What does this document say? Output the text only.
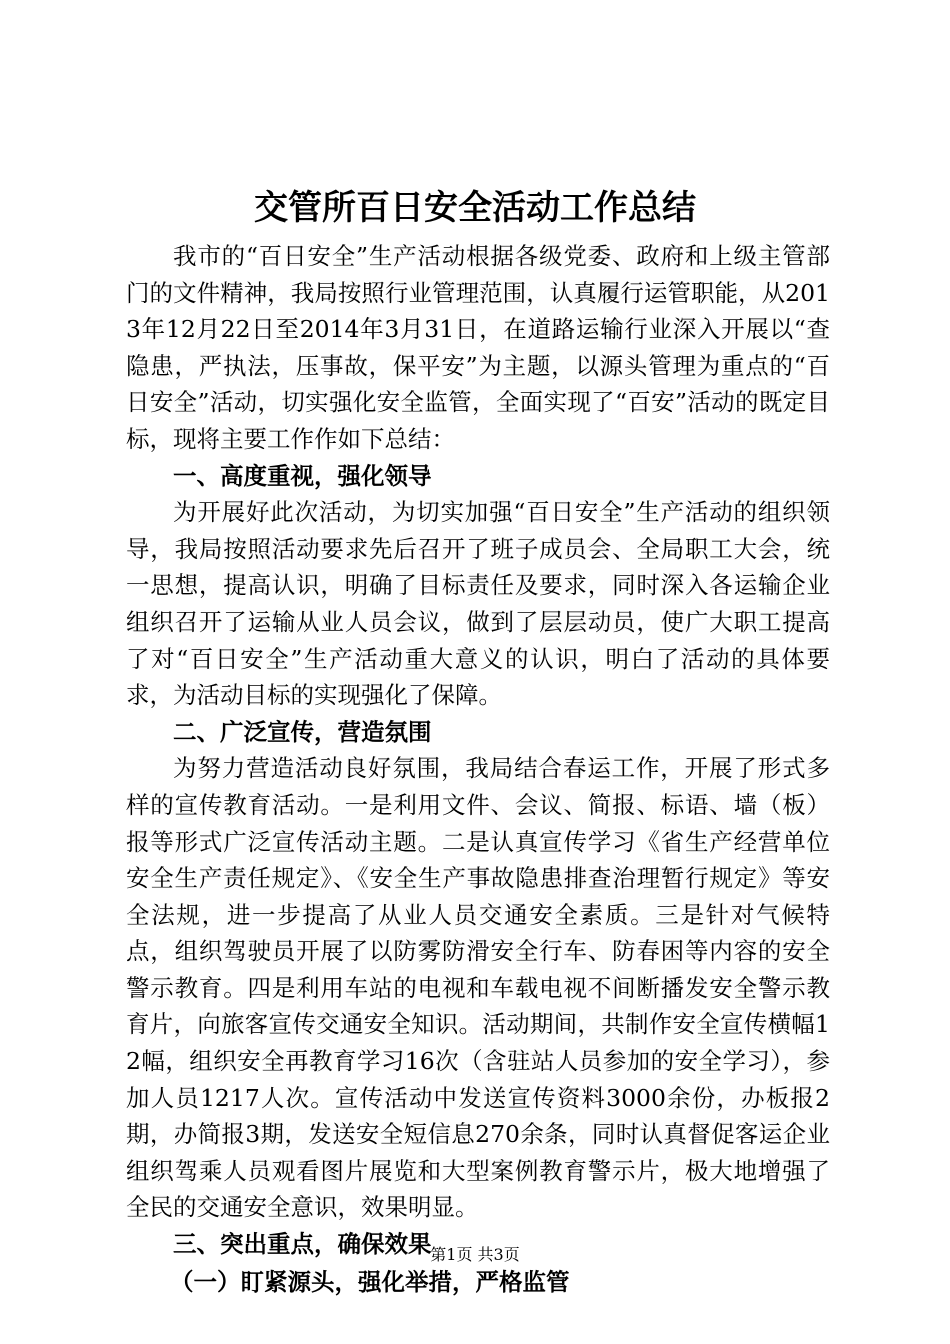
交管所百日安全活动工作总结

我市的“百日安全”生产活动根据各级党委、政府和上级主管部门的文件精神，我局按照行业管理范围，认真履行运管职能，从2013年12月22日至2014年3月31日，在道路运输行业深入开展以“查隐患，严执法，压事故，保平安”为主题，以源头管理为重点的“百日安全”活动，切实强化安全监管，全面实现了“百安”活动的既定目标，现将主要工作作如下总结：

一、高度重视，强化领导

为开展好此次活动，为切实加强“百日安全”生产活动的组织领导，我局按照活动要求先后召开了班子成员会、全局职工大会，统一思想，提高认识，明确了目标责任及要求，同时深入各运输企业组织召开了运输从业人员会议，做到了层层动员，使广大职工提高了对“百日安全”生产活动重大意义的认识，明白了活动的具体要求，为活动目标的实现强化了保障。

二、广泛宣传，营造氛围

为努力营造活动良好氛围，我局结合春运工作，开展了形式多样的宣传教育活动。一是利用文件、会议、简报、标语、墙（板）报等形式广泛宣传活动主题。二是认真宣传学习《省生产经营单位安全生产责任规定》、《安全生产事故隐患排查治理暂行规定》等安全法规，进一步提高了从业人员交通安全素质。三是针对气候特点，组织驾驶员开展了以防雾防滑安全行车、防春困等内容的安全警示教育。四是利用车站的电视和车载电视不间断播发安全警示教育片，向旅客宣传交通安全知识。活动期间，共制作安全宣传横幅12幅，组织安全再教育学习16次（含驻站人员参加的安全学习），参加人员1217人次。宣传活动中发送宣传资料3000余份，办板报2期，办简报3期，发送安全短信息270余条，同时认真督促客运企业组织驾乘人员观看图片展览和大型案例教育警示片，极大地增强了全民的交通安全意识，效果明显。

三、突出重点，确保效果
（一）盯紧源头，强化举措，严格监管
第1页 共3页
